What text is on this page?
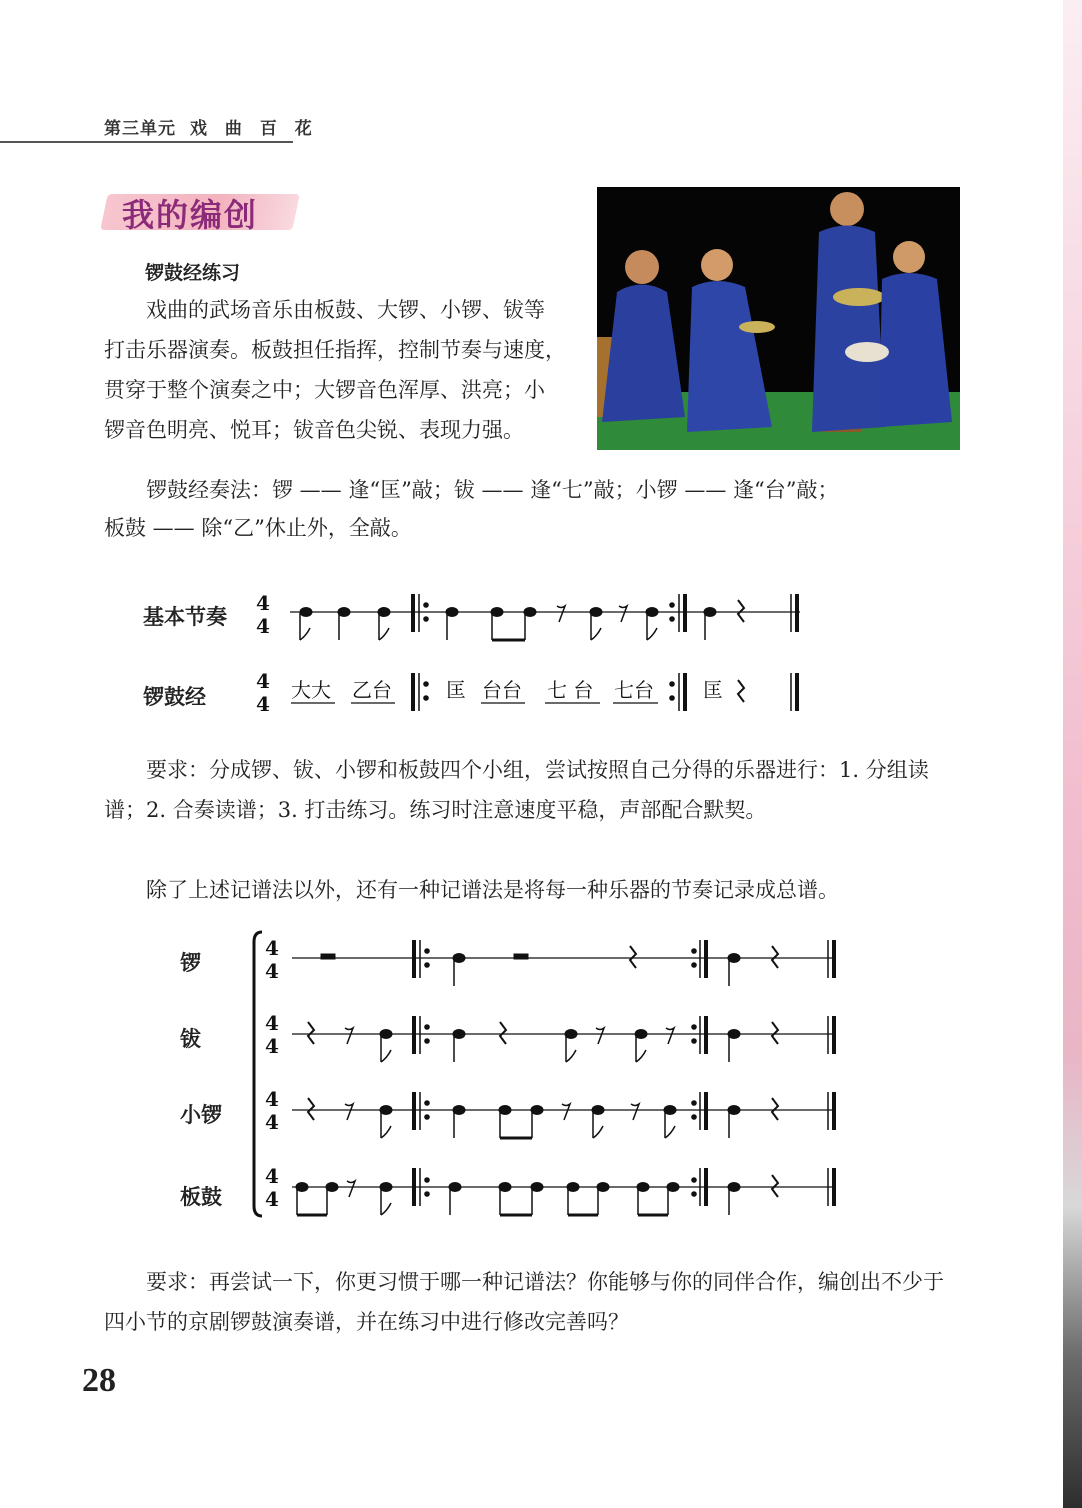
第三单元 戏 曲 百 花
我的编创
锣鼓经练习
戏曲的武场音乐由板鼓、大锣、小锣、钹等
打击乐器演奏。板鼓担任指挥，控制节奏与速度，
贯穿于整个演奏之中；大锣音色浑厚、洪亮；小
锣音色明亮、悦耳；钹音色尖锐、表现力强。
锣鼓经奏法：锣 —— 逢“匡”敲；钹 —— 逢“七”敲；小锣 —— 逢“台”敲；
板鼓 —— 除“乙”休止外，全敲。
基本节奏
锣鼓经
4
4
4
4
大大 乙台	匡 台台 七 台 七台 匡
4
4
4
4
4
4
4
4
要求：分成锣、钹、小锣和板鼓四个小组，尝试按照自己分得的乐器进行：1. 分组读
谱；2. 合奏读谱；3. 打击练习。练习时注意速度平稳，声部配合默契。
除了上述记谱法以外，还有一种记谱法是将每一种乐器的节奏记录成总谱。
锣
钹
小锣
板鼓
要求：再尝试一下，你更习惯于哪一种记谱法？你能够与你的同伴合作，编创出不少于
四小节的京剧锣鼓演奏谱，并在练习中进行修改完善吗？
28
